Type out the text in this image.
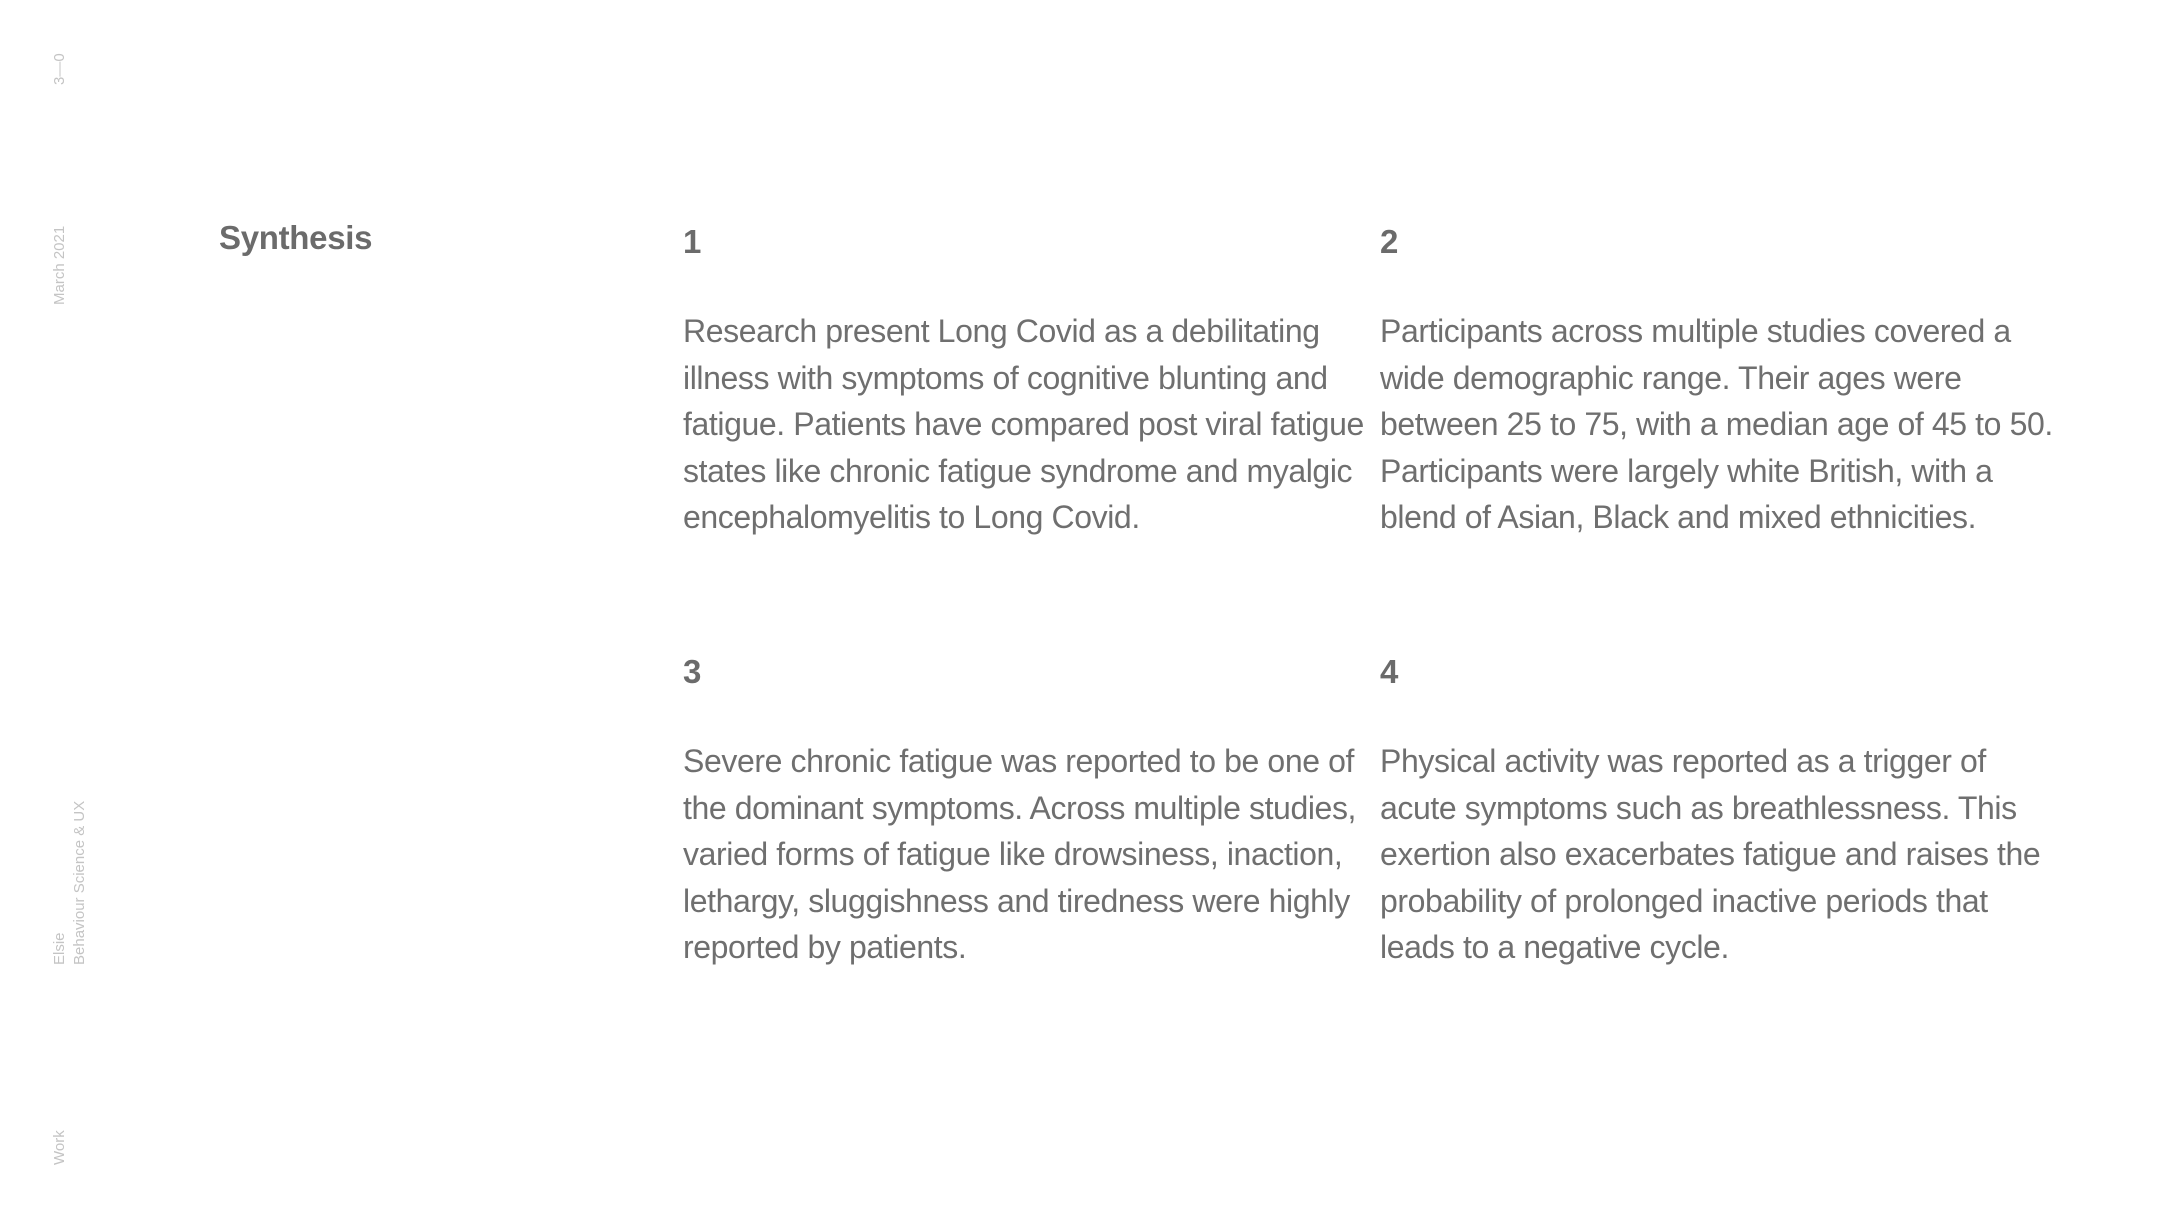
3—0
March 2021
Elsie Behaviour Science & UX
Work
Synthesis	1
Research present Long Covid as a debilitating illness with symptoms of cognitive blunting and fatigue. Patients have compared post viral fatigue states like chronic fatigue syndrome and myalgic encephalomyelitis to Long Covid.
2
Participants across multiple studies covered a wide demographic range. Their ages were between 25 to 75, with a median age of 45 to 50. Participants were largely white British, with a blend of Asian, Black and mixed ethnicities.
3
Severe chronic fatigue was reported to be one of the dominant symptoms. Across multiple studies, varied forms of fatigue like drowsiness, inaction, lethargy, sluggishness and tiredness were highly reported by patients.
4
Physical activity was reported as a trigger of acute symptoms such as breathlessness. This exertion also exacerbates fatigue and raises the probability of prolonged inactive periods that leads to a negative cycle.
